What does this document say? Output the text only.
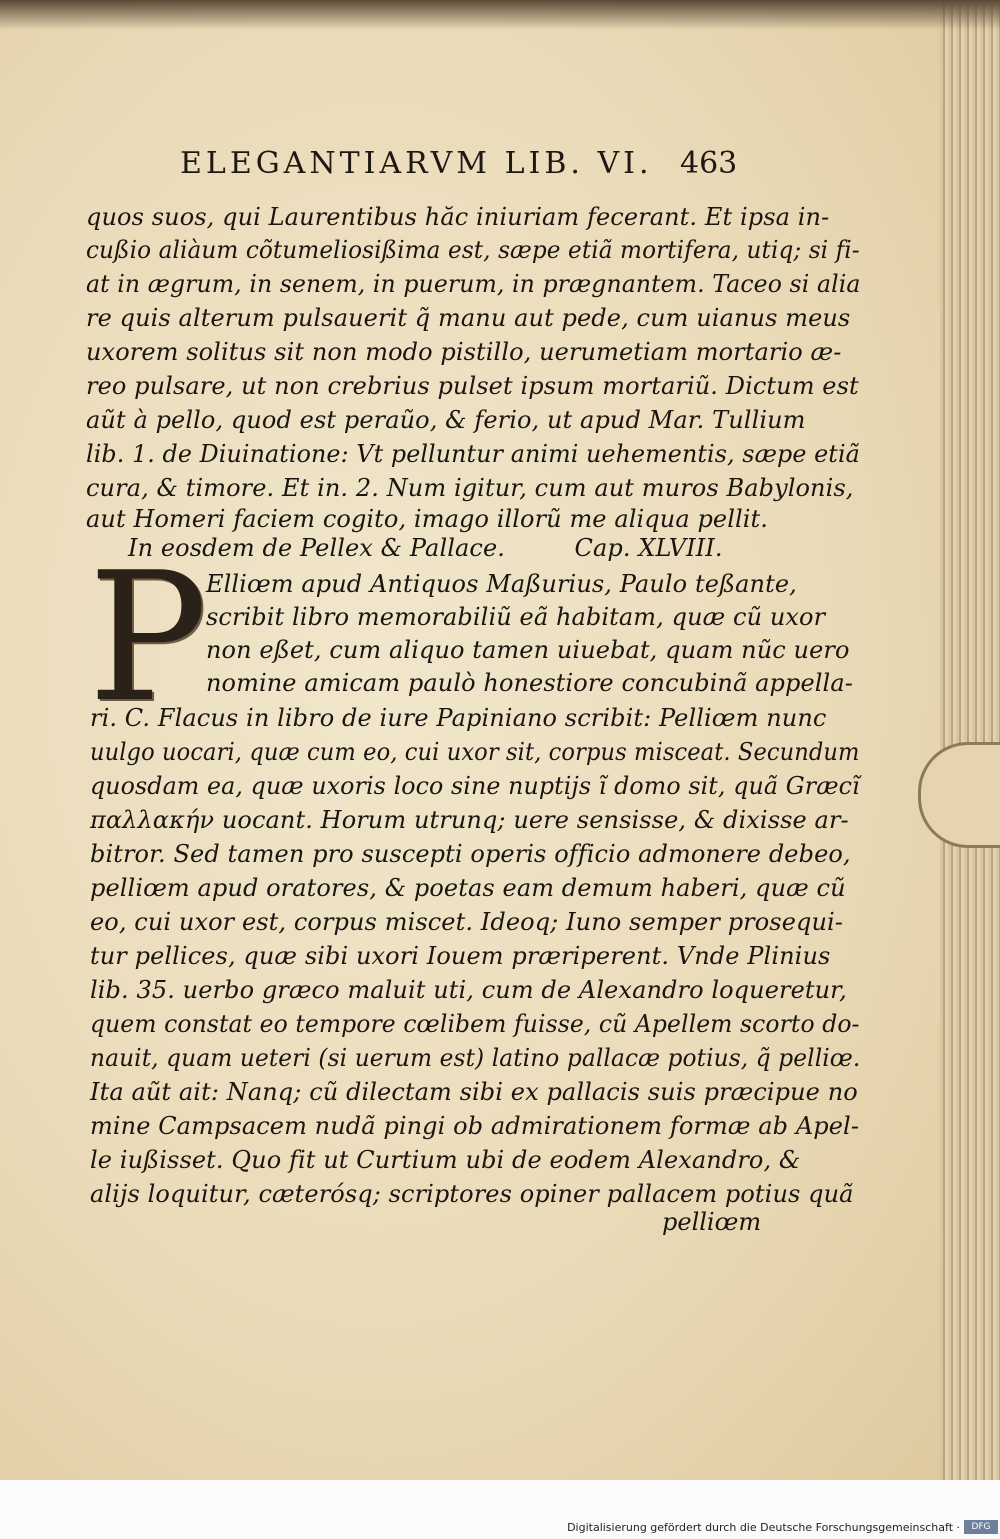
ELEGANTIARVM LIB. VI. 463
quos suos, qui Laurentibus hăc iniuriam fecerant. Et ipsa in-
cußio aliàum cõtumeliosißima est, sæpe etiã mortifera, utiq; si fi-
at in ægrum, in senem, in puerum, in prægnantem. Taceo si alia
re quis alterum pulsauerit q̃ manu aut pede, cum uianus meus
uxorem solitus sit non modo pistillo, uerumetiam mortario æ-
reo pulsare, ut non crebrius pulset ipsum mortariũ. Dictum est
aũt à pello, quod est peraũo, & ferio, ut apud Mar. Tullium
lib. 1. de Diuinatione: Vt pelluntur animi uehementis, sæpe etiã
cura, & timore. Et in. 2. Num igitur, cum aut muros Babylonis,
aut Homeri faciem cogito, imago illorũ me aliqua pellit.
In eosdem de Pellex & Pallace.         Cap. XLVIII.
P
Elliœm apud Antiquos Maßurius, Paulo teßante,
scribit libro memorabiliũ eã habitam, quæ cũ uxor
non eßet, cum aliquo tamen uiuebat, quam nũc uero
nomine amicam paulò honestiore concubinã appella-
ri. C. Flacus in libro de iure Papiniano scribit: Pelliœm nunc
uulgo uocari, quæ cum eo, cui uxor sit, corpus misceat. Secundum
quosdam ea, quæ uxoris loco sine nuptijs ĩ domo sit, quã Græcĩ
παλλακήν uocant. Horum utrunq; uere sensisse, & dixisse ar-
bitror. Sed tamen pro suscepti operis officio admonere debeo,
pelliœm apud oratores, & poetas eam demum haberi, quæ cũ
eo, cui uxor est, corpus miscet. Ideoq; Iuno semper prosequi-
tur pellices, quæ sibi uxori Iouem præriperent. Vnde Plinius
lib. 35. uerbo græco maluit uti, cum de Alexandro loqueretur,
quem constat eo tempore cœlibem fuisse, cũ Apellem scorto do-
nauit, quam ueteri (si uerum est) latino pallacæ potius, q̃ pelliœ.
Ita aũt ait: Nanq; cũ dilectam sibi ex pallacis suis præcipue no
mine Campsacem nudã pingi ob admirationem formæ ab Apel-
le iußisset. Quo fit ut Curtium ubi de eodem Alexandro, &
alijs loquitur, cæterósq; scriptores opiner pallacem potius quã
pelliœm
Digitalisierung gefördert durch die Deutsche Forschungsgemeinschaft ·	DFG
